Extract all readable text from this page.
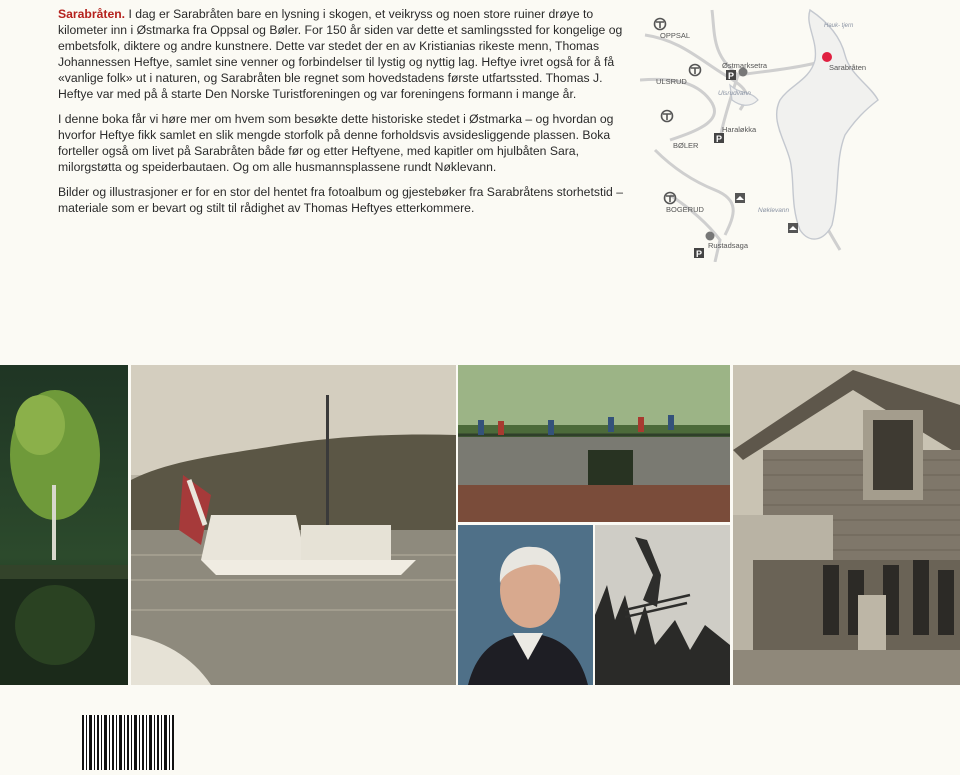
Sarabråten. I dag er Sarabråten bare en lysning i skogen, et veikryss og noen store ruiner drøye to kilometer inn i Østmarka fra Oppsal og Bøler. For 150 år siden var dette et samlingssted for kongelige og embetsfolk, diktere og andre kunstnere. Dette var stedet der en av Kristianias rikeste menn, Thomas Johannessen Heftye, samlet sine venner og forbindelser til lystig og nyttig lag. Heftye ivret også for å få «vanlige folk» ut i naturen, og Sarabråten ble regnet som hovedstadens første utfartssted. Thomas J. Heftye var med på å starte Den Norske Turistforeningen og var foreningens formann i mange år.

I denne boka får vi høre mer om hvem som besøkte dette historiske stedet i Østmarka – og hvordan og hvorfor Heftye fikk samlet en slik mengde storfolk på denne forholdsvis avsidesliggende plassen. Boka forteller også om livet på Sarabråten både før og etter Heftyene, med kapitler om hjulbåten Sara, milorgstøtta og speiderbautaen. Og om alle husmannsplassene rundt Nøklevann.

Bilder og illustrasjoner er for en stor del hentet fra fotoalbum og gjestebøker fra Sarabråtens storhetstid – materiale som er bevart og stilt til rådighet av Thomas Heftyes etterkommere.

P
P
P
OPPSAL
ULSRUD
BØLER
BOGERUD
Østmarksetra	Sarabråten
Haraløkka
Rustadsaga
Hauk- tjern
Ulsrudvann
Nøklevann
